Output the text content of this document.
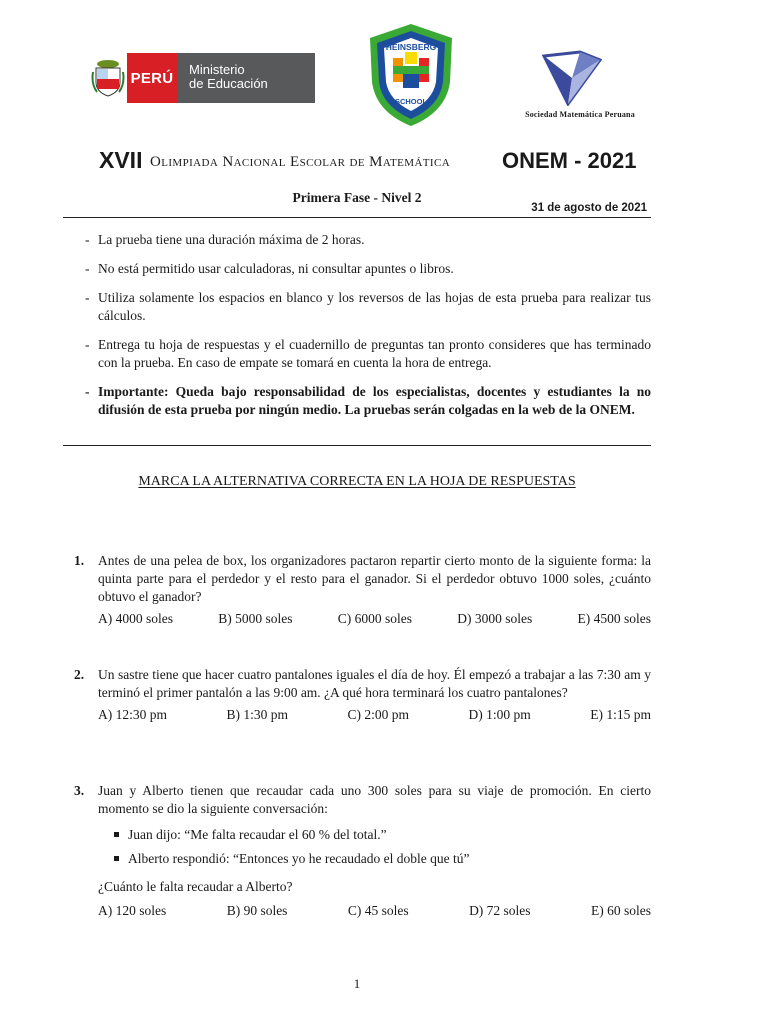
PERÚ Ministerio
de Educación
HEINSBERG
SCHOOL
Sociedad Matemática Peruana
XVII Olimpiada Nacional Escolar de Matemática ONEM - 2021
Primera Fase - Nivel 2
31 de agosto de 2021
- La prueba tiene una duración máxima de 2 horas.
- No está permitido usar calculadoras, ni consultar apuntes o libros.
- Utiliza solamente los espacios en blanco y los reversos de las hojas de esta prueba para realizar tus cálculos.
- Entrega tu hoja de respuestas y el cuadernillo de preguntas tan pronto consideres que has terminado con la prueba. En caso de empate se tomará en cuenta la hora de entrega.
- Importante: Queda bajo responsabilidad de los especialistas, docentes y estudiantes la no difusión de esta prueba por ningún medio. La pruebas serán colgadas en la web de la ONEM.
MARCA LA ALTERNATIVA CORRECTA EN LA HOJA DE RESPUESTAS
1. Antes de una pelea de box, los organizadores pactaron repartir cierto monto de la siguiente forma: la quinta parte para el perdedor y el resto para el ganador. Si el perdedor obtuvo 1000 soles, ¿cuánto obtuvo el ganador?
A) 4000 soles	B) 5000 soles	C) 6000 soles	D) 3000 soles	E) 4500 soles
2. Un sastre tiene que hacer cuatro pantalones iguales el día de hoy. Él empezó a trabajar a las 7:30 am y terminó el primer pantalón a las 9:00 am. ¿A qué hora terminará los cuatro pantalones?
A) 12:30 pm	B) 1:30 pm	C) 2:00 pm	D) 1:00 pm	E) 1:15 pm
3. Juan y Alberto tienen que recaudar cada uno 300 soles para su viaje de promoción. En cierto momento se dio la siguiente conversación:
Juan dijo: “Me falta recaudar el 60 % del total.”
Alberto respondió: “Entonces yo he recaudado el doble que tú”
¿Cuánto le falta recaudar a Alberto?
A) 120 soles	B) 90 soles	C) 45 soles	D) 72 soles	E) 60 soles
1
